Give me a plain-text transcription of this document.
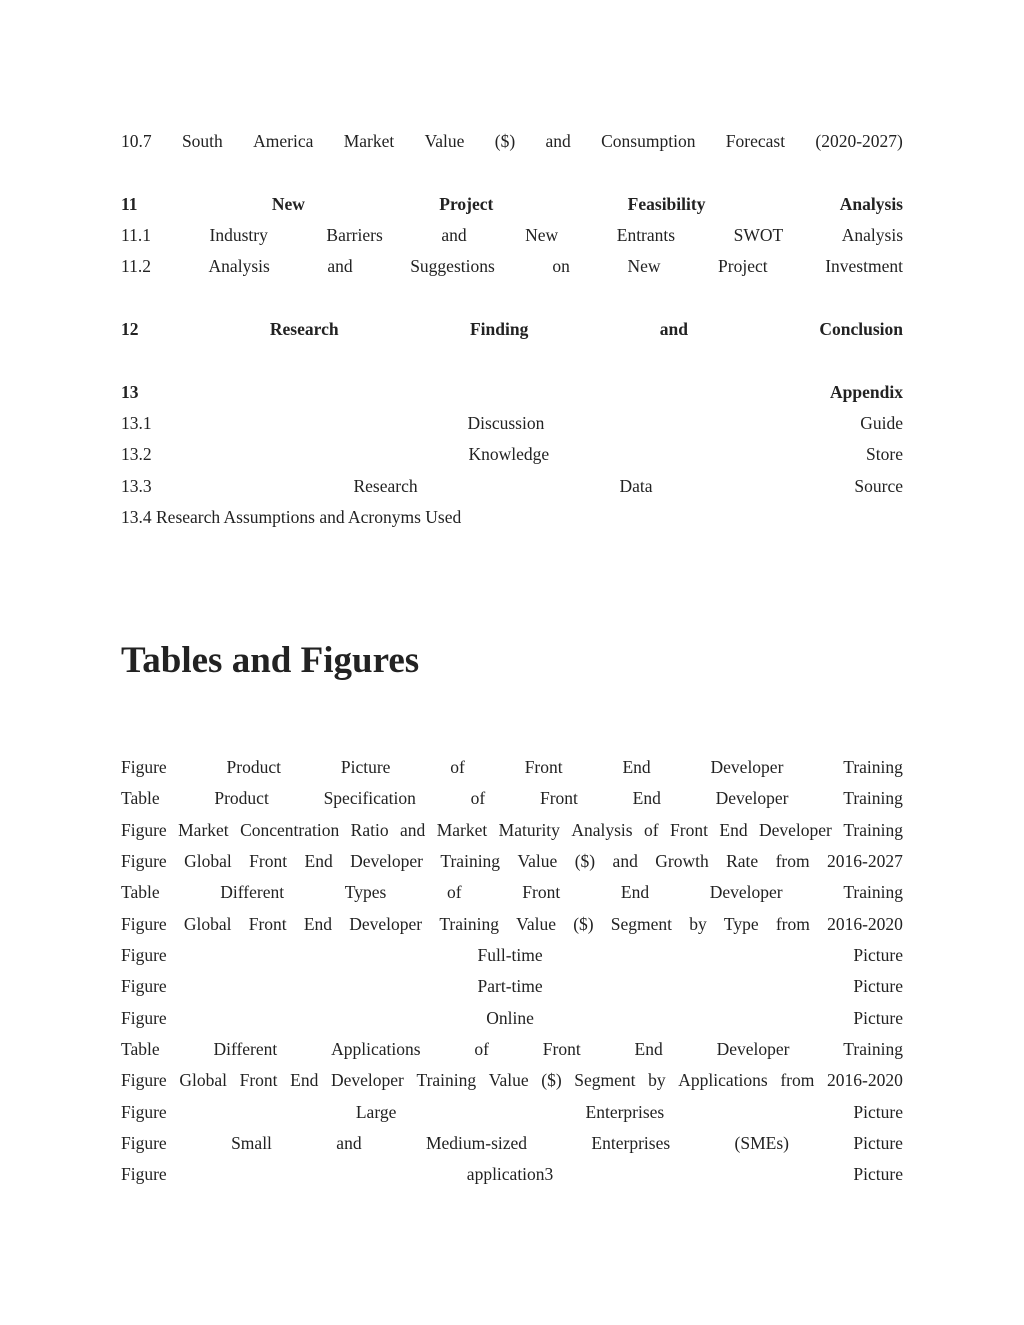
10.7 South America Market Value ($) and Consumption Forecast (2020-2027)
11	New	Project	Feasibility	Analysis
11.1	Industry	Barriers	and	New	Entrants	SWOT	Analysis
11.2	Analysis	and	Suggestions	on	New	Project	Investment
12	Research	Finding	and	Conclusion
13	Appendix
13.1	Discussion	Guide
13.2	Knowledge	Store
13.3	Research	Data	Source
13.4 Research Assumptions and Acronyms Used
Tables and Figures
Figure	Product	Picture	of	Front	End	Developer	Training
Table	Product	Specification	of	Front	End	Developer	Training
Figure Market Concentration Ratio and Market Maturity Analysis of Front End Developer Training
Figure Global Front End Developer Training Value ($) and Growth Rate from 2016-2027
Table	Different	Types	of	Front	End	Developer	Training
Figure Global Front End Developer Training Value ($) Segment by Type from 2016-2020
Figure	Full-time	Picture
Figure	Part-time	Picture
Figure	Online	Picture
Table	Different	Applications	of	Front	End	Developer	Training
Figure Global Front End Developer Training Value ($) Segment by Applications from 2016-2020
Figure	Large	Enterprises	Picture
Figure	Small	and	Medium-sized	Enterprises	(SMEs)	Picture
Figure	application3	Picture
